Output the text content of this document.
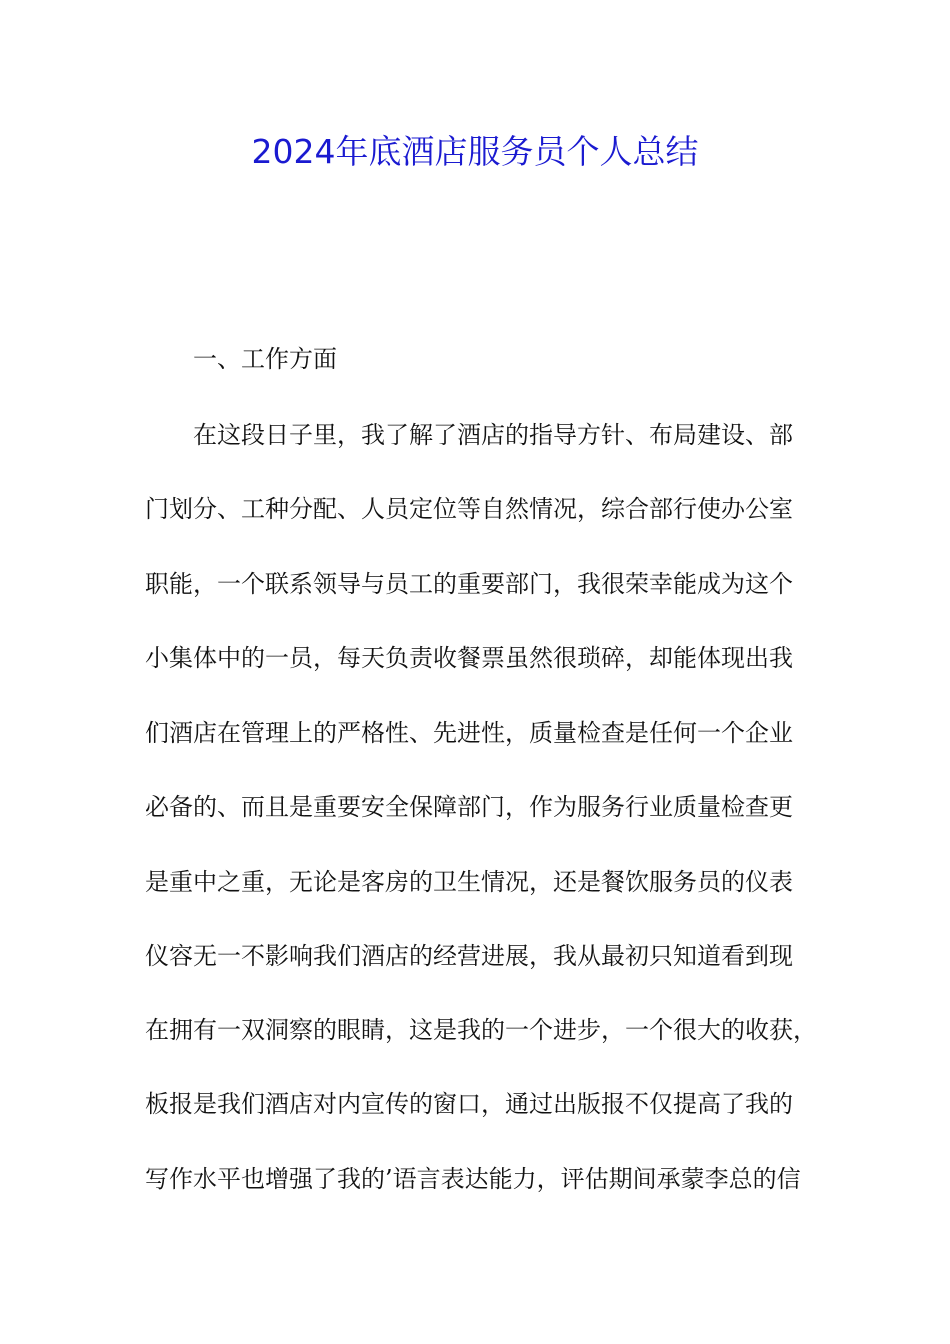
2024年底酒店服务员个人总结
一、工作方面

在这段日子里，我了解了酒店的指导方针、布局建设、部

门划分、工种分配、人员定位等自然情况，综合部行使办公室

职能，一个联系领导与员工的重要部门，我很荣幸能成为这个

小集体中的一员，每天负责收餐票虽然很琐碎，却能体现出我

们酒店在管理上的严格性、先进性，质量检查是任何一个企业

必备的、而且是重要安全保障部门，作为服务行业质量检查更

是重中之重，无论是客房的卫生情况，还是餐饮服务员的仪表

仪容无一不影响我们酒店的经营进展，我从最初只知道看到现

在拥有一双洞察的眼睛，这是我的一个进步，一个很大的收获，

板报是我们酒店对内宣传的窗口，通过出版报不仅提高了我的

写作水平也增强了我的’语言表达能力，评估期间承蒙李总的信
